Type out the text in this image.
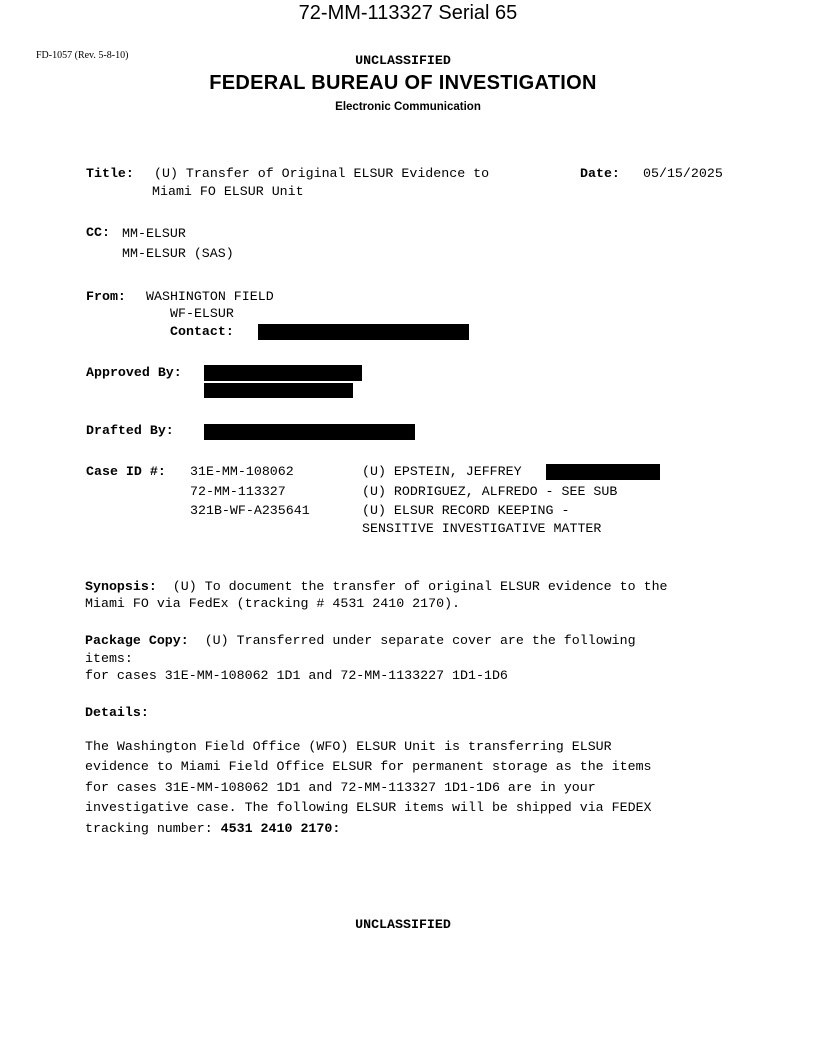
72-MM-113327 Serial 65
FD-1057 (Rev. 5-8-10)	UNCLASSIFIED
FEDERAL BUREAU OF INVESTIGATION
Electronic Communication
Title: (U) Transfer of Original ELSUR Evidence to
Miami FO ELSUR Unit
Date: 05/15/2025
CC: MM-ELSUR
MM-ELSUR (SAS)
From: WASHINGTON FIELD
WF-ELSUR
Contact:
Approved By:
Drafted By:
Case ID #: 31E-MM-108062	(U) EPSTEIN, JEFFREY
72-MM-113327	(U) RODRIGUEZ, ALFREDO - SEE SUB
321B-WF-A235641	(U) ELSUR RECORD KEEPING -
SENSITIVE INVESTIGATIVE MATTER
Synopsis: (U) To document the transfer of original ELSUR evidence to the
Miami FO via FedEx (tracking # 4531 2410 2170).
Package Copy: (U) Transferred under separate cover are the following
items:
for cases 31E-MM-108062 1D1 and 72-MM-1133227 1D1-1D6
Details:
The Washington Field Office (WFO) ELSUR Unit is transferring ELSUR
evidence to Miami Field Office ELSUR for permanent storage as the items
for cases 31E-MM-108062 1D1 and 72-MM-113327 1D1-1D6 are in your
investigative case. The following ELSUR items will be shipped via FEDEX
tracking number: 4531 2410 2170:
UNCLASSIFIED
